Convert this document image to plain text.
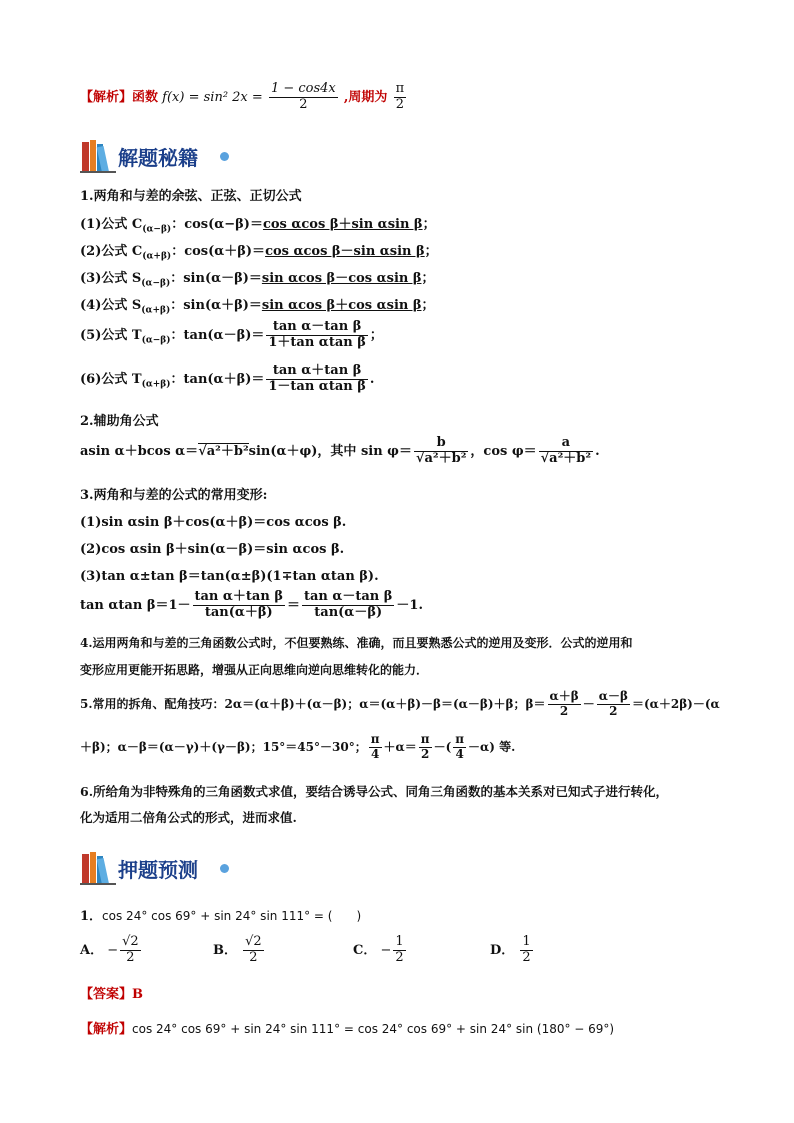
【解析】函数 f(x) = sin² $2x = \frac{1 - \cos 4x}{2}$ ,周期为 $\frac{\pi}{2}$
解题秘籍
1.两角和与差的余弦、正弦、正切公式
(1)公式 $C_{(\alpha-\beta)}$：cos(α−β)＝cos αcos β＋sin αsin β；
(2)公式 $C_{(\alpha+\beta)}$：cos(α＋β)＝cos αcos β－sin αsin β；
(3)公式 $S_{(\alpha-\beta)}$：sin(α－β)＝sin αcos β－cos αsin β；
(4)公式 $S_{(\alpha+\beta)}$：sin(α＋β)＝sin αcos β＋cos αsin β；
(5)公式 $T_{(\alpha-\beta)}$：$\tan(\alpha-\beta)= \frac{\text{tan α－tan β}}{\text{1＋tan αtan β}}$ ；
(6)公式 $T_{(\alpha+\beta)}$：$\tan(\alpha+\beta)= \frac{\text{tan α＋tan β}}{\text{1－tan αtan β}}$ .
2.辅助角公式
asin α＋bcos α＝√a²＋b²sin(α＋φ)，其中 $\sin \varphi= \frac{b}{\text{√a²＋b²}}$ ，$\cos \varphi= \frac{a}{\text{√a²＋b²}}$ .
3.两角和与差的公式的常用变形:
(1)sin αsin β＋cos(α＋β)＝cos αcos β.
(2)cos αsin β＋sin(α－β)＝sin αcos β.
(3)tan α±tan β＝tan(α±β)(1∓tan αtan β).
tan αtan $\beta=1- \frac{\text{tan α＋tan β}}{\tan(\alpha+\beta)} = \frac{\text{tan α－tan β}}{\tan(\alpha-\beta)} -1$.
4.运用两角和与差的三角函数公式时，不但要熟练、准确，而且要熟悉公式的逆用及变形．公式的逆用和
变形应用更能开拓思路，增强从正向思维向逆向思维转化的能力．
5.常用的拆角、配角技巧：2α＝(α＋β)＋(α－β)；α＝(α＋β)－β＝(α－β)＋β；$\beta= \frac{\alpha+\beta}{2} - \frac{\alpha-\beta}{2} =(\alpha+2\beta)-(\alpha$
＋β)；α－β＝(α－γ)＋(γ－β)；15°＝45°－30°； $\frac{\pi}{4} +\alpha= \frac{\pi}{2}$ －( $\frac{\pi}{4} -\alpha$) 等.
6.所给角为非特殊角的三角函数式求值，要结合诱导公式、同角三角函数的基本关系对已知式子进行转化，
化为适用二倍角公式的形式，进而求值.
押题预测
1．cos 24° cos 69° + sin 24° sin 111° = (　　)
A． − $\frac{√2}{2}$	B． $\frac{√2}{2}$	C． − $\frac{1}{2}$	D． $\frac{1}{2}$
【答案】B
【解析】cos 24° cos 69° + sin 24° sin 111° = cos 24° cos 69° + sin 24° sin (180° − 69°)
